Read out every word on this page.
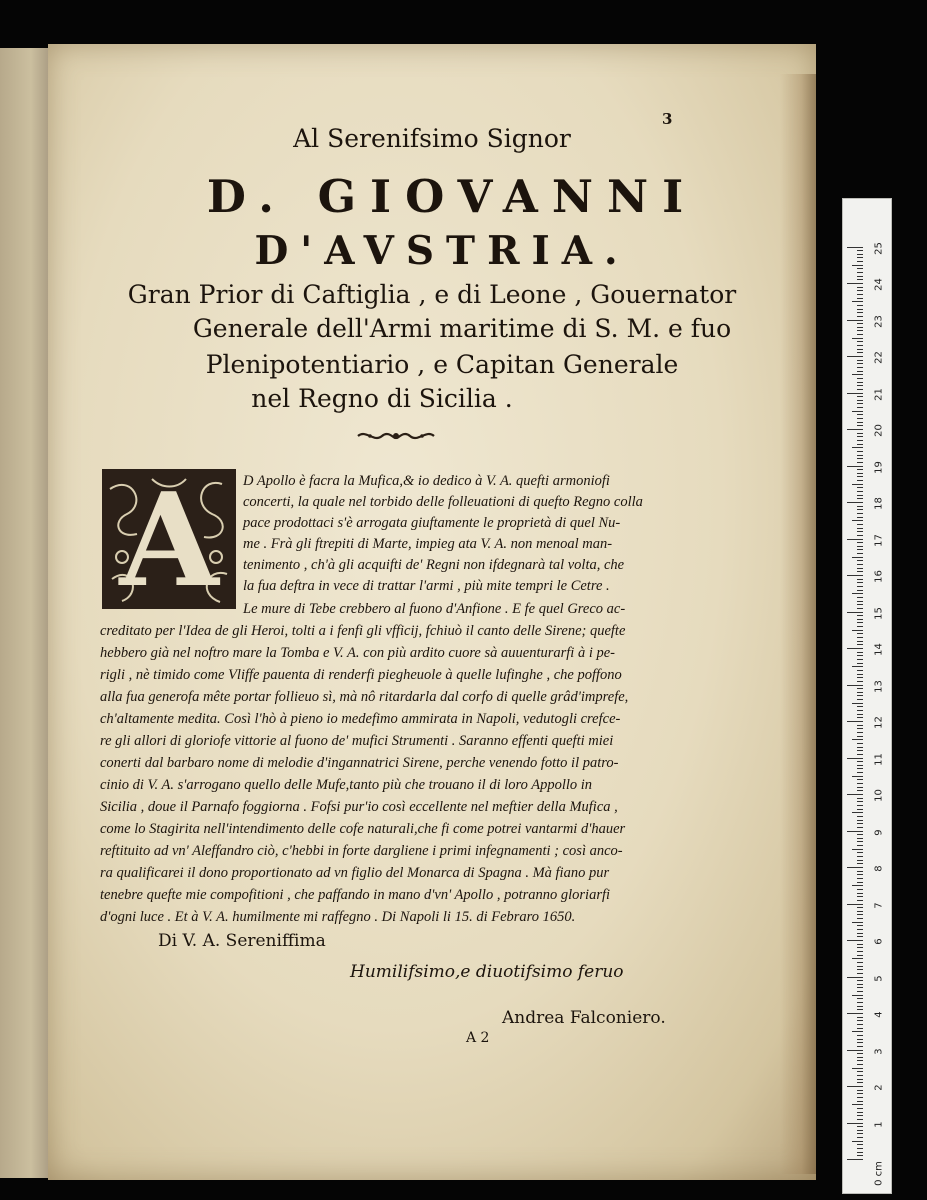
3
Al Serenifsimo Signor
D. GIOVANNI
D'AVSTRIA.
Gran Prior di Caftiglia , e di Leone , Gouernator
Generale dell'Armi maritime di S. M. e fuo
Plenipotentiario , e Capitan Generale
nel Regno di Sicilia .
A	D Apollo è facra la Mufica,& io dedico à V. A. quefti armoniofi
concerti, la quale nel torbido delle folleuationi di quefto Regno colla
pace prodottaci s'è arrogata giuftamente le proprietà di quel Nu-
me . Frà gli ftrepiti di Marte, impieg ata V. A. non menoal man-
tenimento , ch'à gli acquifti de' Regni non ifdegnarà tal volta, che
la fua deftra in vece di trattar l'armi , più mite tempri le Cetre .
Le mure di Tebe crebbero al fuono d'Anfione . E fe quel Greco ac-
creditato per l'Idea de gli Heroi, tolti a i fenfi gli vfficij, fchiuò il canto delle Sirene; quefte
hebbero già nel noftro mare la Tomba e V. A. con più ardito cuore sà auuenturarfi à i pe-
rigli , nè timido come Vliffe pauenta di renderfi pieghеuole à quelle lufinghe , che poffono
alla fua generofa mête portar follieuo sì, mà nô ritardarla dal corfo di quelle grâd'imprefe,
ch'altamente medita. Così l'hò à pieno io medefimo ammirata in Napoli, vedutogli crefce-
re gli allori di gloriofe vittorie al fuono de' mufici Strumenti . Saranno effenti quefti miei
conerti dal barbaro nome di melodie d'ingannatrici Sirene, perche venendo fotto il patro-
cinio di V. A. s'arrogano quello delle Mufe,tanto più che trouano il di loro Appollo in
Sicilia , doue il Parnafo foggiorna . Fofsi pur'io così eccellente nel meftier della Mufica ,
come lo Stagirita nell'intendimento delle cofe naturali,che fi come potrei vantarmi d'hauer
reftituito ad vn' Aleffandro ciò, c'hebbi in forte dargliene i primi infegnamenti ; così anco-
ra qualificarei il dono proportionato ad vn figlio del Monarca di Spagna . Mà fiano pur
tenebre quefte mie compofitioni , che paffando in mano d'vn' Apollo , potranno gloriarfi
d'ogni luce . Et à V. A. humilmente mi raffegno . Di Napoli li 15. di Febraro 1650.
Di V. A. Sereniffima
Humilifsimo,e diuotifsimo feruo
Andrea Falconiero.
A 2
0 cm
1
2
3
4
5
6
7
8
9
10
11
12
13
14
15
16
17
18
19
20
21
22
23
24
25
